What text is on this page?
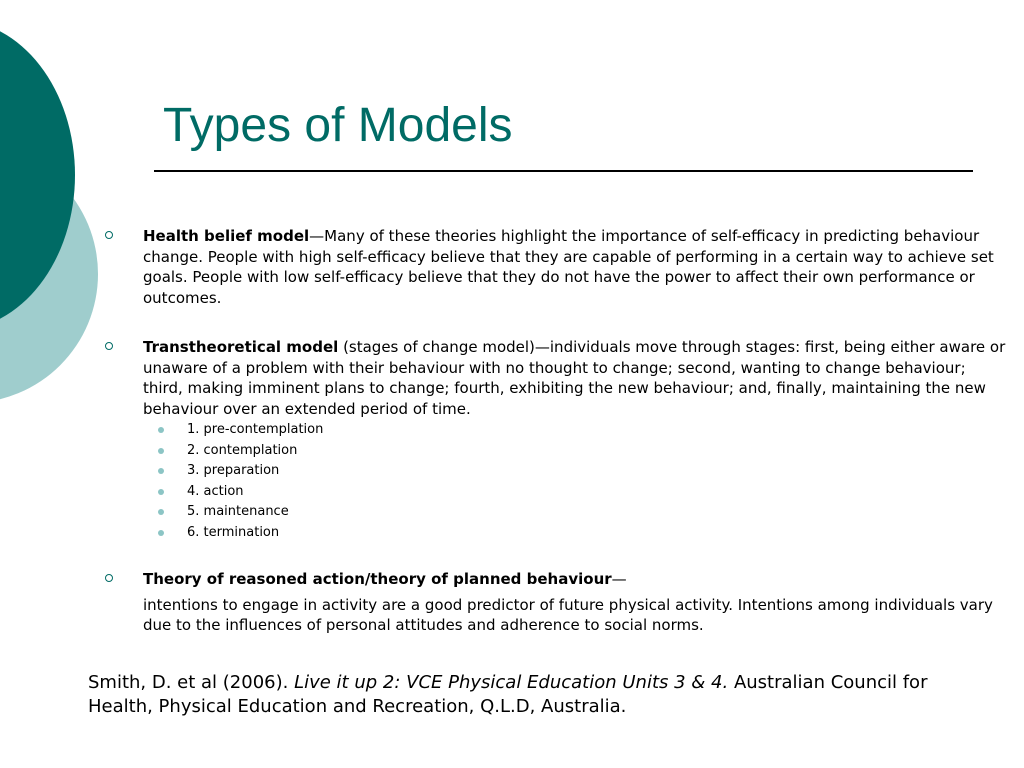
Types of Models
Health belief model—Many of these theories highlight the importance of self-efficacy in predicting behaviour change. People with high self-efficacy believe that they are capable of performing in a certain way to achieve set goals. People with low self-efficacy believe that they do not have the power to affect their own performance or outcomes.
Transtheoretical model (stages of change model)—individuals move through stages: first, being either aware or unaware of a problem with their behaviour with no thought to change; second, wanting to change behaviour; third, making imminent plans to change; fourth, exhibiting the new behaviour; and, finally, maintaining the new behaviour over an extended period of time.
1. pre-contemplation
2. contemplation
3. preparation
4. action
5. maintenance
6. termination
Theory of reasoned action/theory of planned behaviour—
intentions to engage in activity are a good predictor of future physical activity. Intentions among individuals vary due to the influences of personal attitudes and adherence to social norms.
Smith, D. et al (2006). Live it up 2: VCE Physical Education Units 3 & 4. Australian Council for Health, Physical Education and Recreation, Q.L.D, Australia.
